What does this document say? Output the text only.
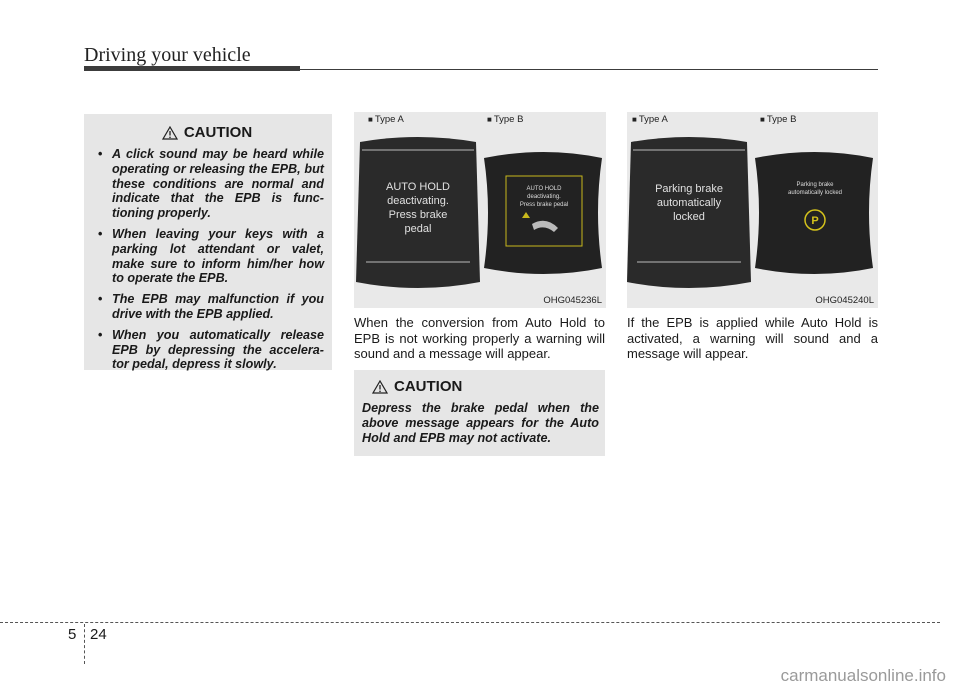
Driving your vehicle
CAUTION
• A click sound may be heard while operating or releasing the EPB, but these conditions are normal and indicate that the EPB is func- tioning properly.
• When leaving your keys with a parking lot attendant or valet, make sure to inform him/her how to operate the EPB.
• The EPB may malfunction if you drive with the EPB applied.
• When you automatically release EPB by depressing the accelera- tor pedal, depress it slowly.
■ Type A	■ Type B
AUTO HOLD
deactivating.
Press brake
pedal
AUTO HOLD
deactivating.
Press brake pedal
OHG045236L
When the conversion from Auto Hold to EPB is not working properly a warning will sound and a message will appear.
CAUTION
Depress the brake pedal when the above message appears for the Auto Hold and EPB may not activate.
■ Type A	■ Type B
Parking brake
automatically
locked
Parking brake
automatically locked
P
OHG045240L
If the EPB is applied while Auto Hold is activated, a warning will sound and a message will appear.
5 24
carmanualsonline.info
